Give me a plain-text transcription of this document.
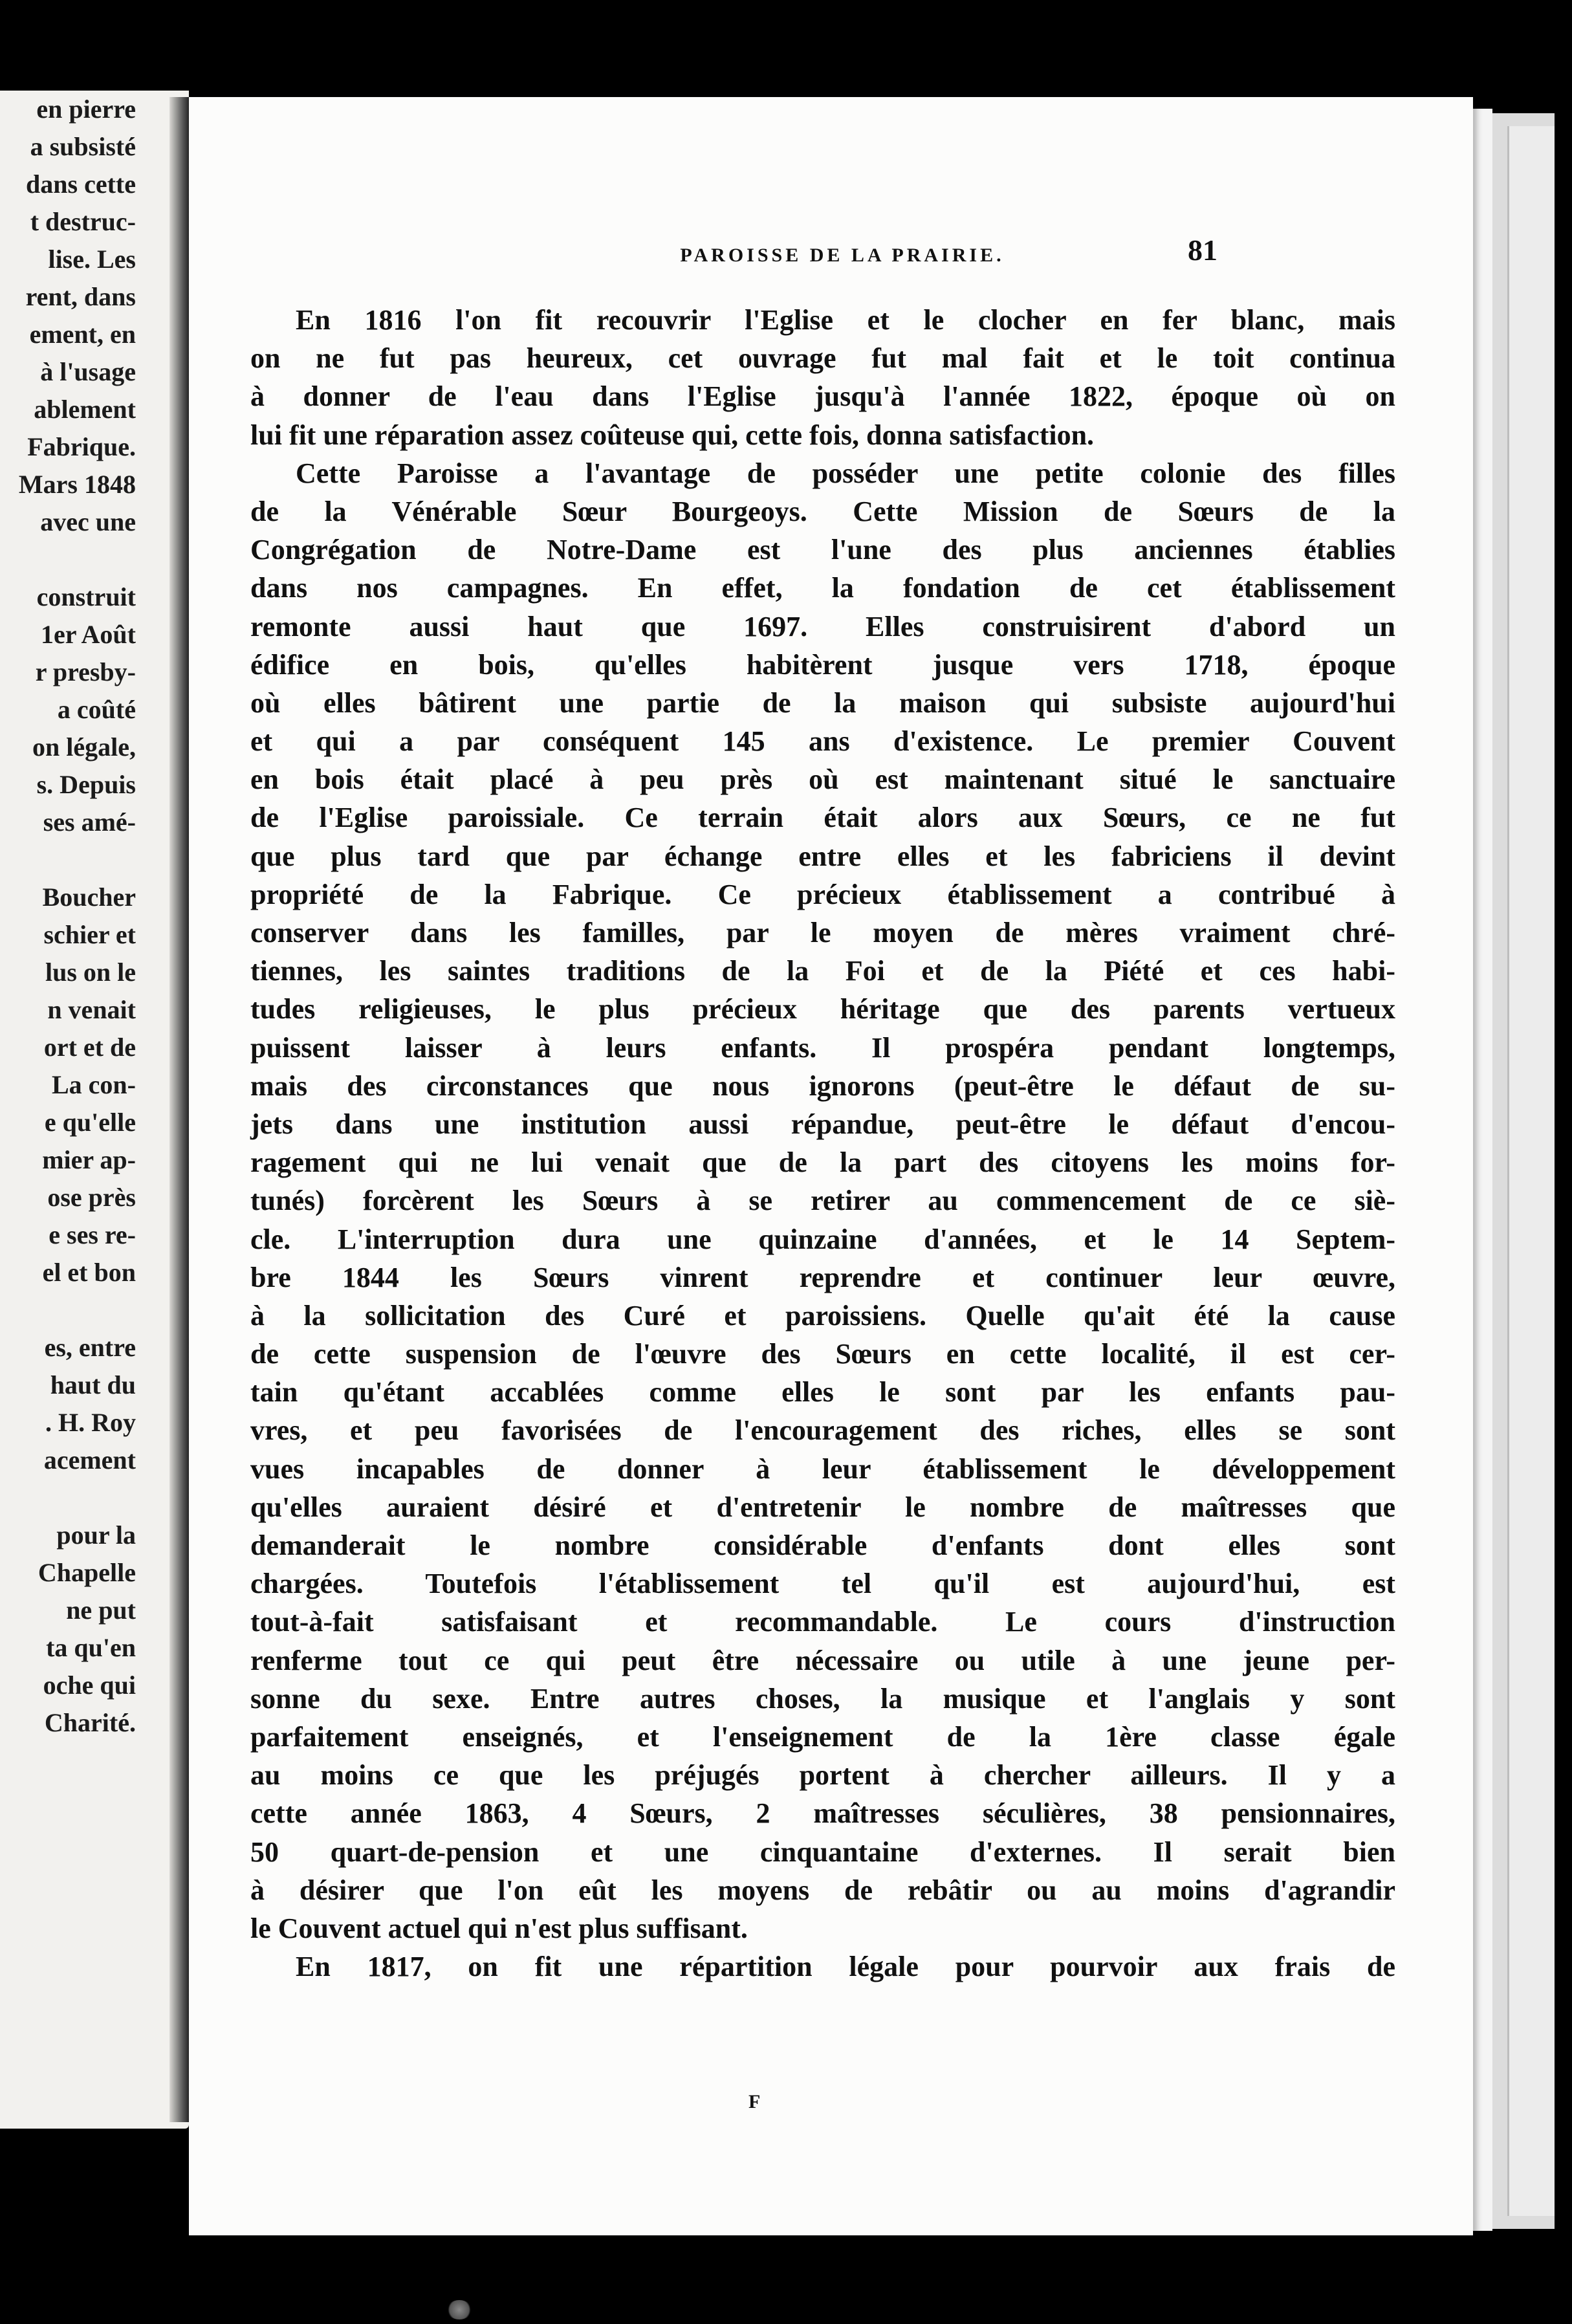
en pierre
a subsisté
dans cette
t destruc-
lise. Les
rent, dans
ement, en
à l'usage
ablement
Fabrique.
Mars 1848
avec une
construit
1er Août
r presby-
a coûté
on légale,
s. Depuis
ses amé-
Boucher
schier et
lus on le
n venait
ort et de
La con-
e qu'elle
mier ap-
ose près
e ses re-
el et bon
es, entre
haut du
. H. Roy
acement
pour la
Chapelle
ne put
ta qu'en
oche qui
Charité.
PAROISSE DE LA PRAIRIE.	81
En 1816 l'on fit recouvrir l'Eglise et le clocher en fer blanc, mais
on ne fut pas heureux, cet ouvrage fut mal fait et le toit continua
à donner de l'eau dans l'Eglise jusqu'à l'année 1822, époque où on
lui fit une réparation assez coûteuse qui, cette fois, donna satisfaction.
Cette Paroisse a l'avantage de posséder une petite colonie des filles
de la Vénérable Sœur Bourgeoys. Cette Mission de Sœurs de la
Congrégation de Notre-Dame est l'une des plus anciennes établies
dans nos campagnes. En effet, la fondation de cet établissement
remonte aussi haut que 1697. Elles construisirent d'abord un
édifice en bois, qu'elles habitèrent jusque vers 1718, époque
où elles bâtirent une partie de la maison qui subsiste aujourd'hui
et qui a par conséquent 145 ans d'existence. Le premier Couvent
en bois était placé à peu près où est maintenant situé le sanctuaire
de l'Eglise paroissiale. Ce terrain était alors aux Sœurs, ce ne fut
que plus tard que par échange entre elles et les fabriciens il devint
propriété de la Fabrique. Ce précieux établissement a contribué à
conserver dans les familles, par le moyen de mères vraiment chré-
tiennes, les saintes traditions de la Foi et de la Piété et ces habi-
tudes religieuses, le plus précieux héritage que des parents vertueux
puissent laisser à leurs enfants. Il prospéra pendant longtemps,
mais des circonstances que nous ignorons (peut-être le défaut de su-
jets dans une institution aussi répandue, peut-être le défaut d'encou-
ragement qui ne lui venait que de la part des citoyens les moins for-
tunés) forcèrent les Sœurs à se retirer au commencement de ce siè-
cle. L'interruption dura une quinzaine d'années, et le 14 Septem-
bre 1844 les Sœurs vinrent reprendre et continuer leur œuvre,
à la sollicitation des Curé et paroissiens. Quelle qu'ait été la cause
de cette suspension de l'œuvre des Sœurs en cette localité, il est cer-
tain qu'étant accablées comme elles le sont par les enfants pau-
vres, et peu favorisées de l'encouragement des riches, elles se sont
vues incapables de donner à leur établissement le développement
qu'elles auraient désiré et d'entretenir le nombre de maîtresses que
demanderait le nombre considérable d'enfants dont elles sont
chargées. Toutefois l'établissement tel qu'il est aujourd'hui, est
tout-à-fait satisfaisant et recommandable. Le cours d'instruction
renferme tout ce qui peut être nécessaire ou utile à une jeune per-
sonne du sexe. Entre autres choses, la musique et l'anglais y sont
parfaitement enseignés, et l'enseignement de la 1ère classe égale
au moins ce que les préjugés portent à chercher ailleurs. Il y a
cette année 1863, 4 Sœurs, 2 maîtresses séculières, 38 pensionnaires,
50 quart-de-pension et une cinquantaine d'externes. Il serait bien
à désirer que l'on eût les moyens de rebâtir ou au moins d'agrandir
le Couvent actuel qui n'est plus suffisant.
En 1817, on fit une répartition légale pour pourvoir aux frais de
F
